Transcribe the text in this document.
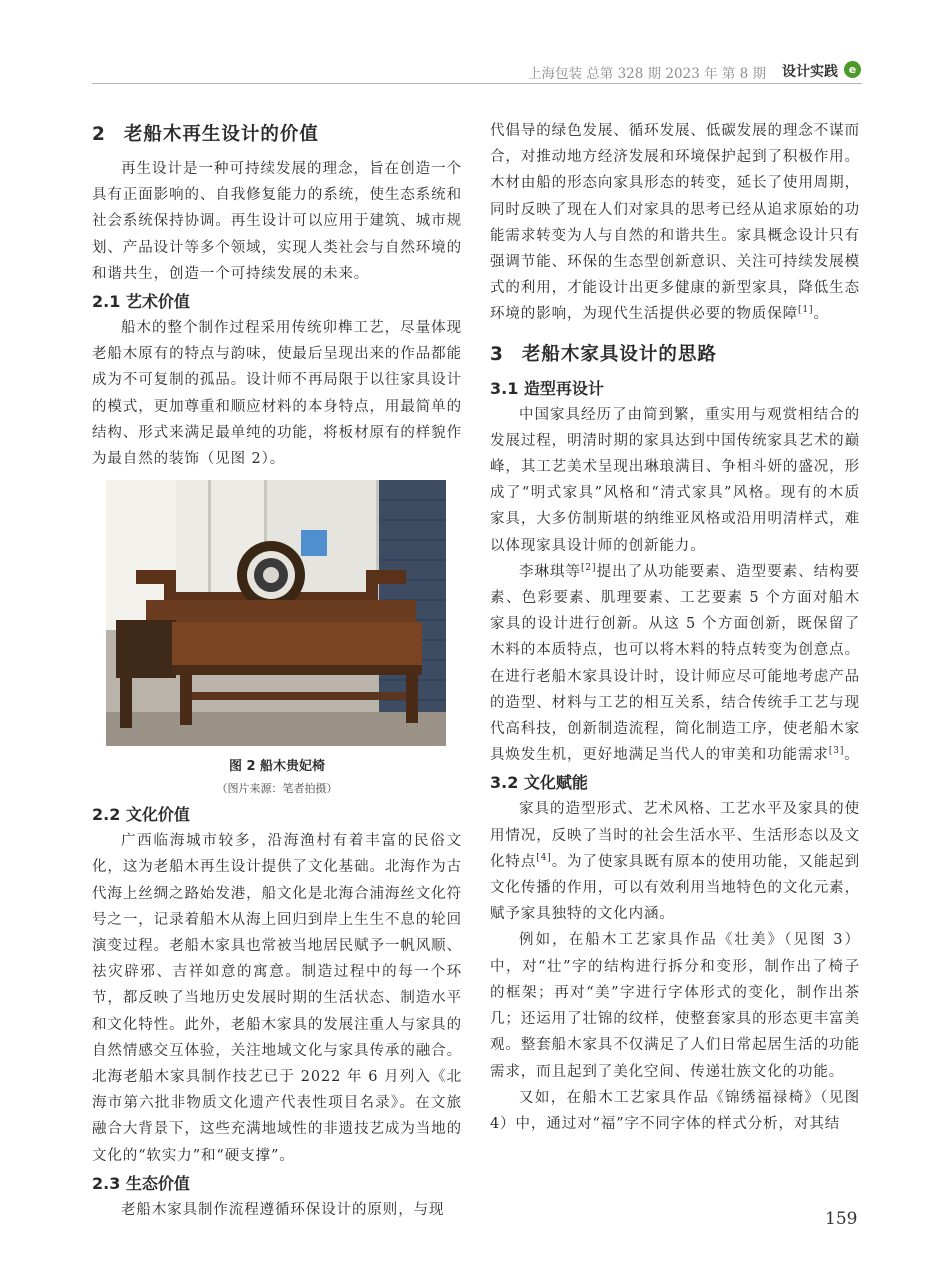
上海包装 总第 328 期 2023 年 第 8 期 设计实践 e
2 老船木再生设计的价值

再生设计是一种可持续发展的理念，旨在创造一个具有正面影响的、自我修复能力的系统，使生态系统和社会系统保持协调。再生设计可以应用于建筑、城市规划、产品设计等多个领域，实现人类社会与自然环境的和谐共生，创造一个可持续发展的未来。

2.1 艺术价值

船木的整个制作过程采用传统卯榫工艺，尽量体现老船木原有的特点与韵味，使最后呈现出来的作品都能成为不可复制的孤品。设计师不再局限于以往家具设计的模式，更加尊重和顺应材料的本身特点，用最简单的结构、形式来满足最单纯的功能，将板材原有的样貌作为最自然的装饰（见图 2）。

图 2 船木贵妃椅
（图片来源：笔者拍摄）
2.2 文化价值

广西临海城市较多，沿海渔村有着丰富的民俗文化，这为老船木再生设计提供了文化基础。北海作为古代海上丝绸之路始发港，船文化是北海合浦海丝文化符号之一，记录着船木从海上回归到岸上生生不息的轮回演变过程。老船木家具也常被当地居民赋予一帆风顺、祛灾辟邪、吉祥如意的寓意。制造过程中的每一个环节，都反映了当地历史发展时期的生活状态、制造水平和文化特性。此外，老船木家具的发展注重人与家具的自然情感交互体验，关注地域文化与家具传承的融合。北海老船木家具制作技艺已于 2022 年 6 月列入《北海市第六批非物质文化遗产代表性项目名录》。在文旅融合大背景下，这些充满地域性的非遗技艺成为当地的文化的“软实力”和“硬支撑”。

2.3 生态价值

老船木家具制作流程遵循环保设计的原则，与现

代倡导的绿色发展、循环发展、低碳发展的理念不谋而合，对推动地方经济发展和环境保护起到了积极作用。木材由船的形态向家具形态的转变，延长了使用周期，同时反映了现在人们对家具的思考已经从追求原始的功能需求转变为人与自然的和谐共生。家具概念设计只有强调节能、环保的生态型创新意识、关注可持续发展模式的利用，才能设计出更多健康的新型家具，降低生态环境的影响，为现代生活提供必要的物质保障[1]。

3 老船木家具设计的思路
3.1 造型再设计

中国家具经历了由简到繁，重实用与观赏相结合的发展过程，明清时期的家具达到中国传统家具艺术的巅峰，其工艺美术呈现出琳琅满目、争相斗妍的盛况，形成了“明式家具”风格和“清式家具”风格。现有的木质家具，大多仿制斯堪的纳维亚风格或沿用明清样式，难以体现家具设计师的创新能力。

李琳琪等[2]提出了从功能要素、造型要素、结构要素、色彩要素、肌理要素、工艺要素 5 个方面对船木家具的设计进行创新。从这 5 个方面创新，既保留了木料的本质特点，也可以将木料的特点转变为创意点。在进行老船木家具设计时，设计师应尽可能地考虑产品的造型、材料与工艺的相互关系，结合传统手工艺与现代高科技，创新制造流程，简化制造工序，使老船木家具焕发生机，更好地满足当代人的审美和功能需求[3]。

3.2 文化赋能

家具的造型形式、艺术风格、工艺水平及家具的使用情况，反映了当时的社会生活水平、生活形态以及文化特点[4]。为了使家具既有原本的使用功能，又能起到文化传播的作用，可以有效利用当地特色的文化元素，赋予家具独特的文化内涵。

例如，在船木工艺家具作品《壮美》（见图 3）中，对“壮”字的结构进行拆分和变形，制作出了椅子的框架；再对“美”字进行字体形式的变化，制作出茶几；还运用了壮锦的纹样，使整套家具的形态更丰富美观。整套船木家具不仅满足了人们日常起居生活的功能需求，而且起到了美化空间、传递壮族文化的功能。

又如，在船木工艺家具作品《锦绣福禄椅》（见图 4）中，通过对“福”字不同字体的样式分析，对其结

159
